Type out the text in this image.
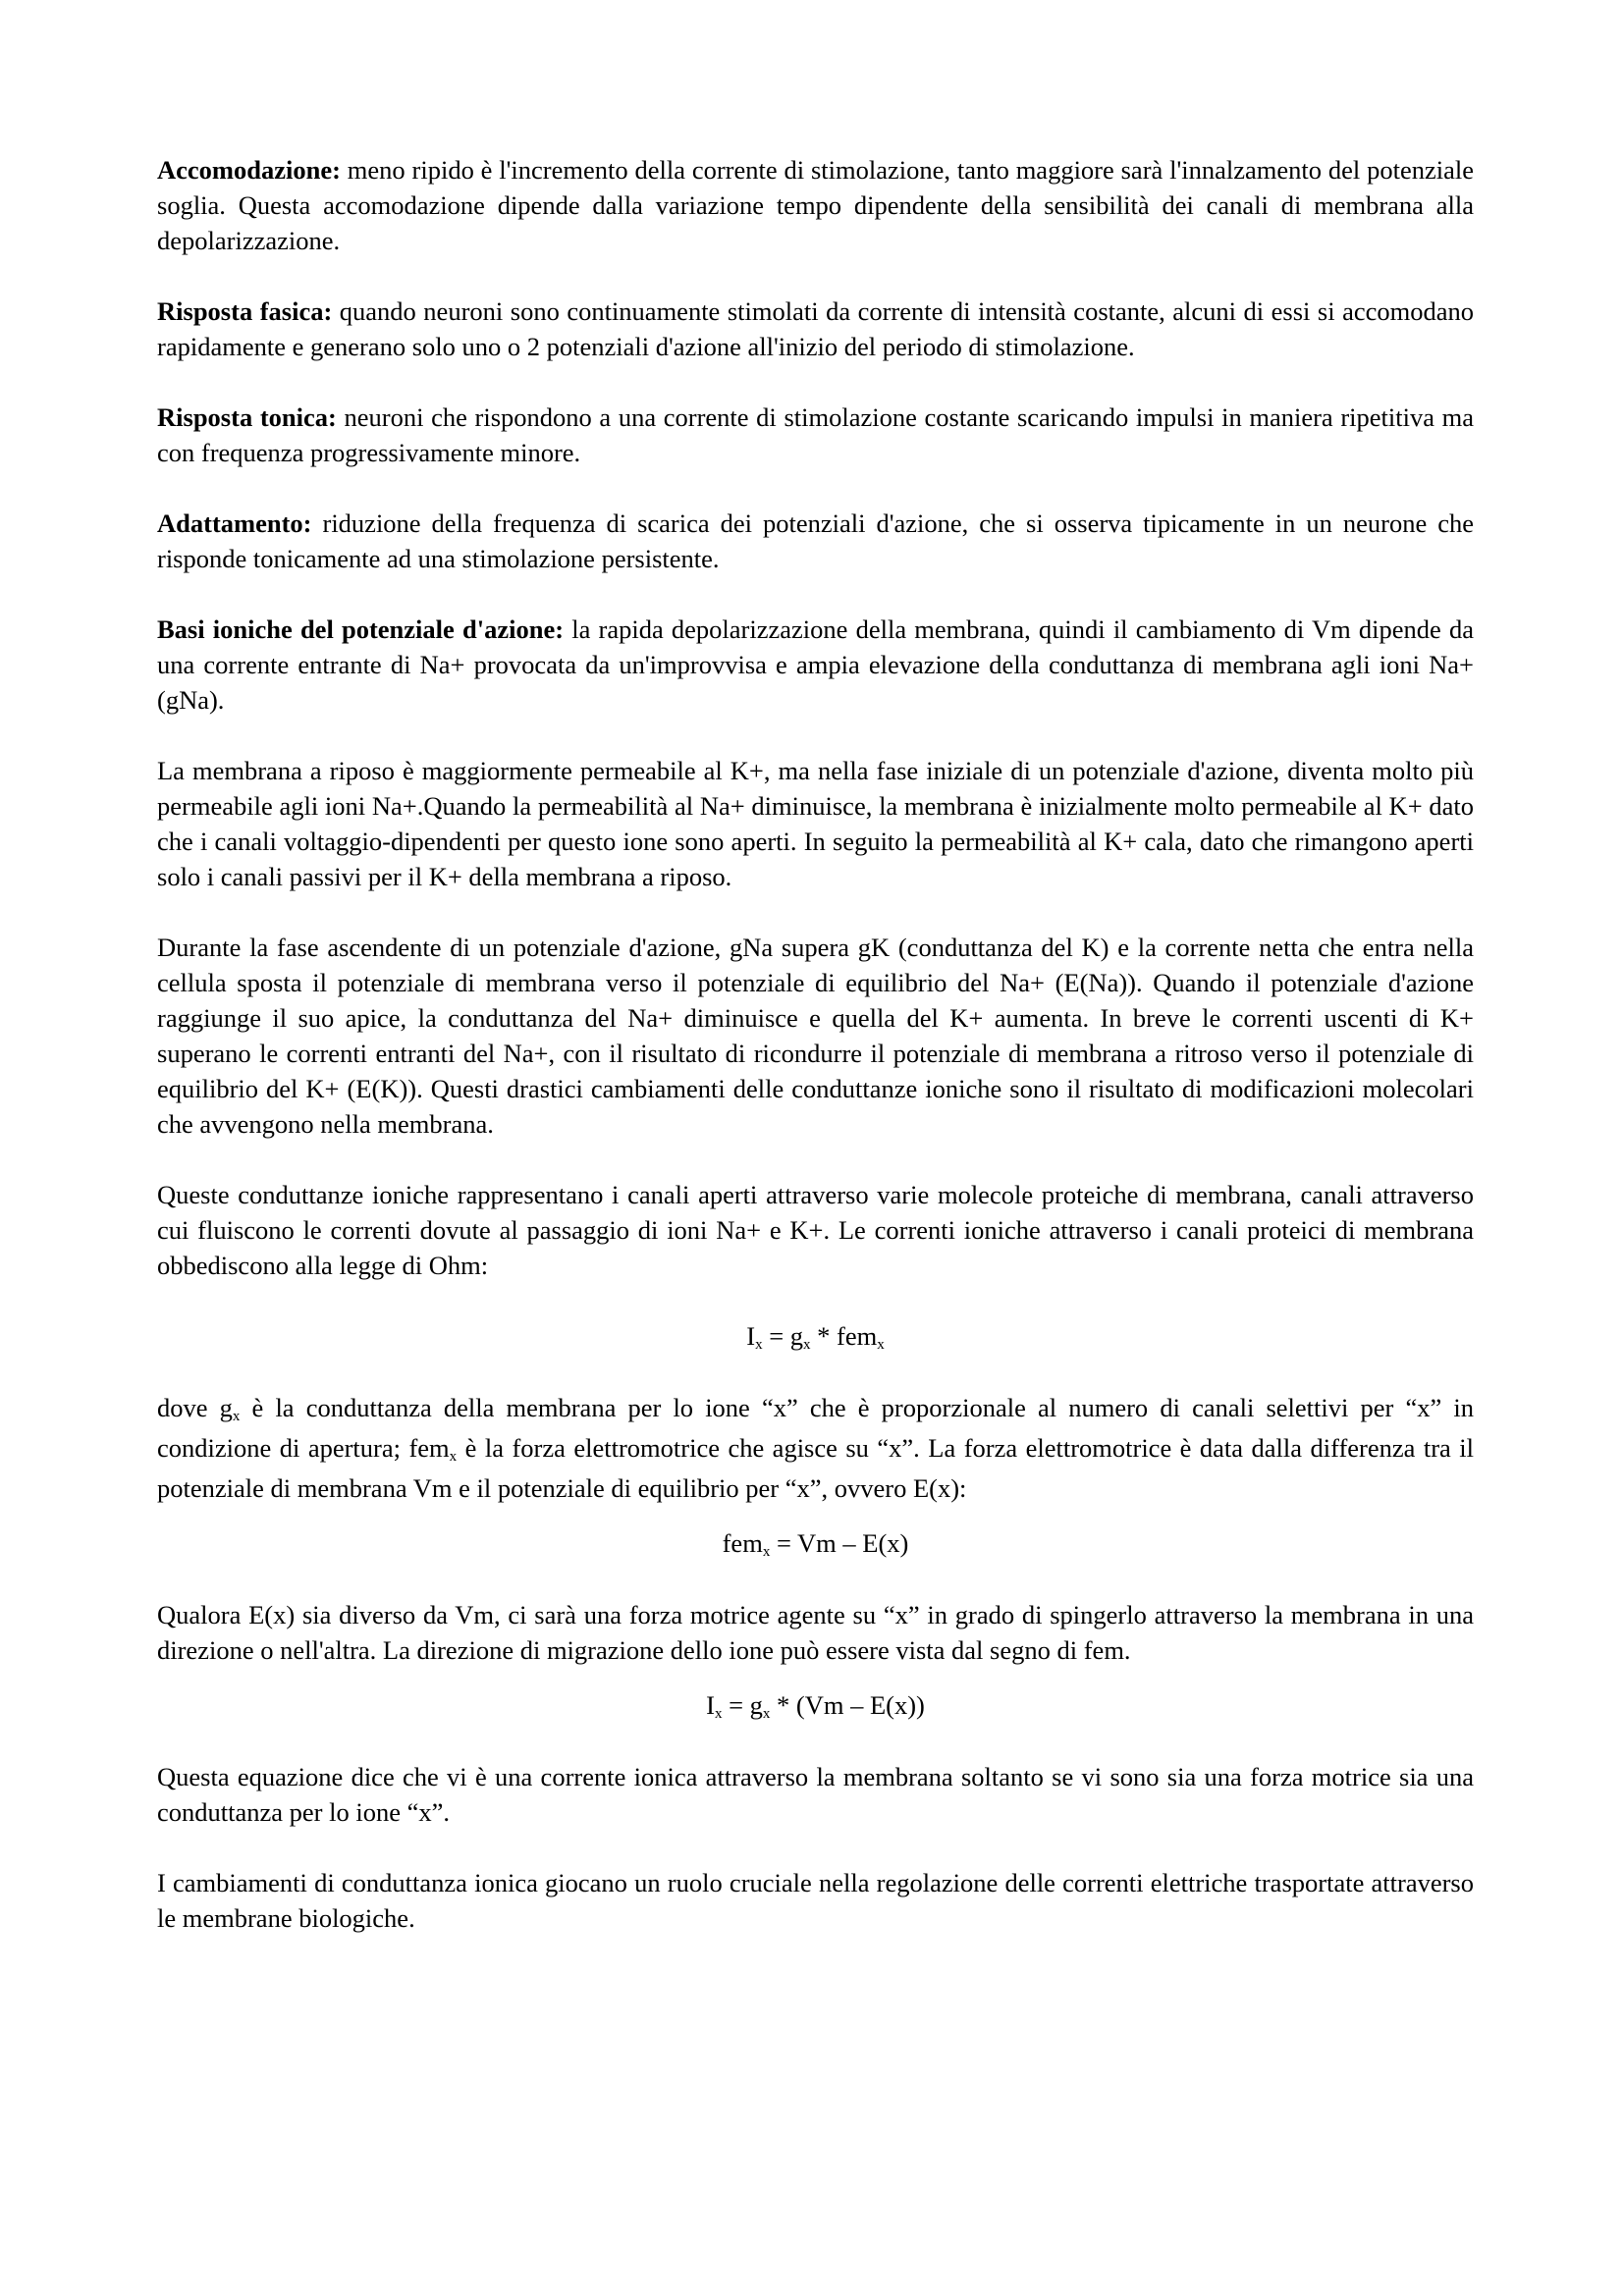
Accomodazione: meno ripido è l'incremento della corrente di stimolazione, tanto maggiore sarà l'innalzamento del potenziale soglia. Questa accomodazione dipende dalla variazione tempo dipendente della sensibilità dei canali di membrana alla depolarizzazione.

Risposta fasica: quando neuroni sono continuamente stimolati da corrente di intensità costante, alcuni di essi si accomodano rapidamente e generano solo uno o 2 potenziali d'azione all'inizio del periodo di stimolazione.

Risposta tonica: neuroni che rispondono a una corrente di stimolazione costante scaricando impulsi in maniera ripetitiva ma con frequenza progressivamente minore.

Adattamento: riduzione della frequenza di scarica dei potenziali d'azione, che si osserva tipicamente in un neurone che risponde tonicamente ad una stimolazione persistente.

Basi ioniche del potenziale d'azione: la rapida depolarizzazione della membrana, quindi il cambiamento di Vm dipende da una corrente entrante di Na+ provocata da un'improvvisa e ampia elevazione della conduttanza di membrana agli ioni Na+ (gNa).

La membrana a riposo è maggiormente permeabile al K+, ma nella fase iniziale di un potenziale d'azione, diventa molto più permeabile agli ioni Na+.Quando la permeabilità al Na+ diminuisce, la membrana è inizialmente molto permeabile al K+ dato che i canali voltaggio-dipendenti per questo ione sono aperti. In seguito la permeabilità al K+ cala, dato che rimangono aperti solo i canali passivi per il K+ della membrana a riposo.

Durante la fase ascendente di un potenziale d'azione, gNa supera gK (conduttanza del K) e la corrente netta che entra nella cellula sposta il potenziale di membrana verso il potenziale di equilibrio del Na+ (E(Na)). Quando il potenziale d'azione raggiunge il suo apice, la conduttanza del Na+ diminuisce e quella del K+ aumenta. In breve le correnti uscenti di K+ superano le correnti entranti del Na+, con il risultato di ricondurre il potenziale di membrana a ritroso verso il potenziale di equilibrio del K+ (E(K)). Questi drastici cambiamenti delle conduttanze ioniche sono il risultato di modificazioni molecolari che avvengono nella membrana.

Queste conduttanze ioniche rappresentano i canali aperti attraverso varie molecole proteiche di membrana, canali attraverso cui fluiscono le correnti dovute al passaggio di ioni Na+ e K+. Le correnti ioniche attraverso i canali proteici di membrana obbediscono alla legge di Ohm:

$I_x = g_x * fem_x$

dove $g_x$ è la conduttanza della membrana per lo ione “x” che è proporzionale al numero di canali selettivi per “x” in condizione di apertura; fem$_x$ è la forza elettromotrice che agisce su “x”. La forza elettromotrice è data dalla differenza tra il potenziale di membrana Vm e il potenziale di equilibrio per “x”, ovvero E(x):

fem$_x$ = Vm – E(x)

Qualora E(x) sia diverso da Vm, ci sarà una forza motrice agente su “x” in grado di spingerlo attraverso la membrana in una direzione o nell'altra. La direzione di migrazione dello ione può essere vista dal segno di fem.

$I_x = g_x * (Vm - E(x))$

Questa equazione dice che vi è una corrente ionica attraverso la membrana soltanto se vi sono sia una forza motrice sia una conduttanza per lo ione “x”.

I cambiamenti di conduttanza ionica giocano un ruolo cruciale nella regolazione delle correnti elettriche trasportate attraverso le membrane biologiche.
